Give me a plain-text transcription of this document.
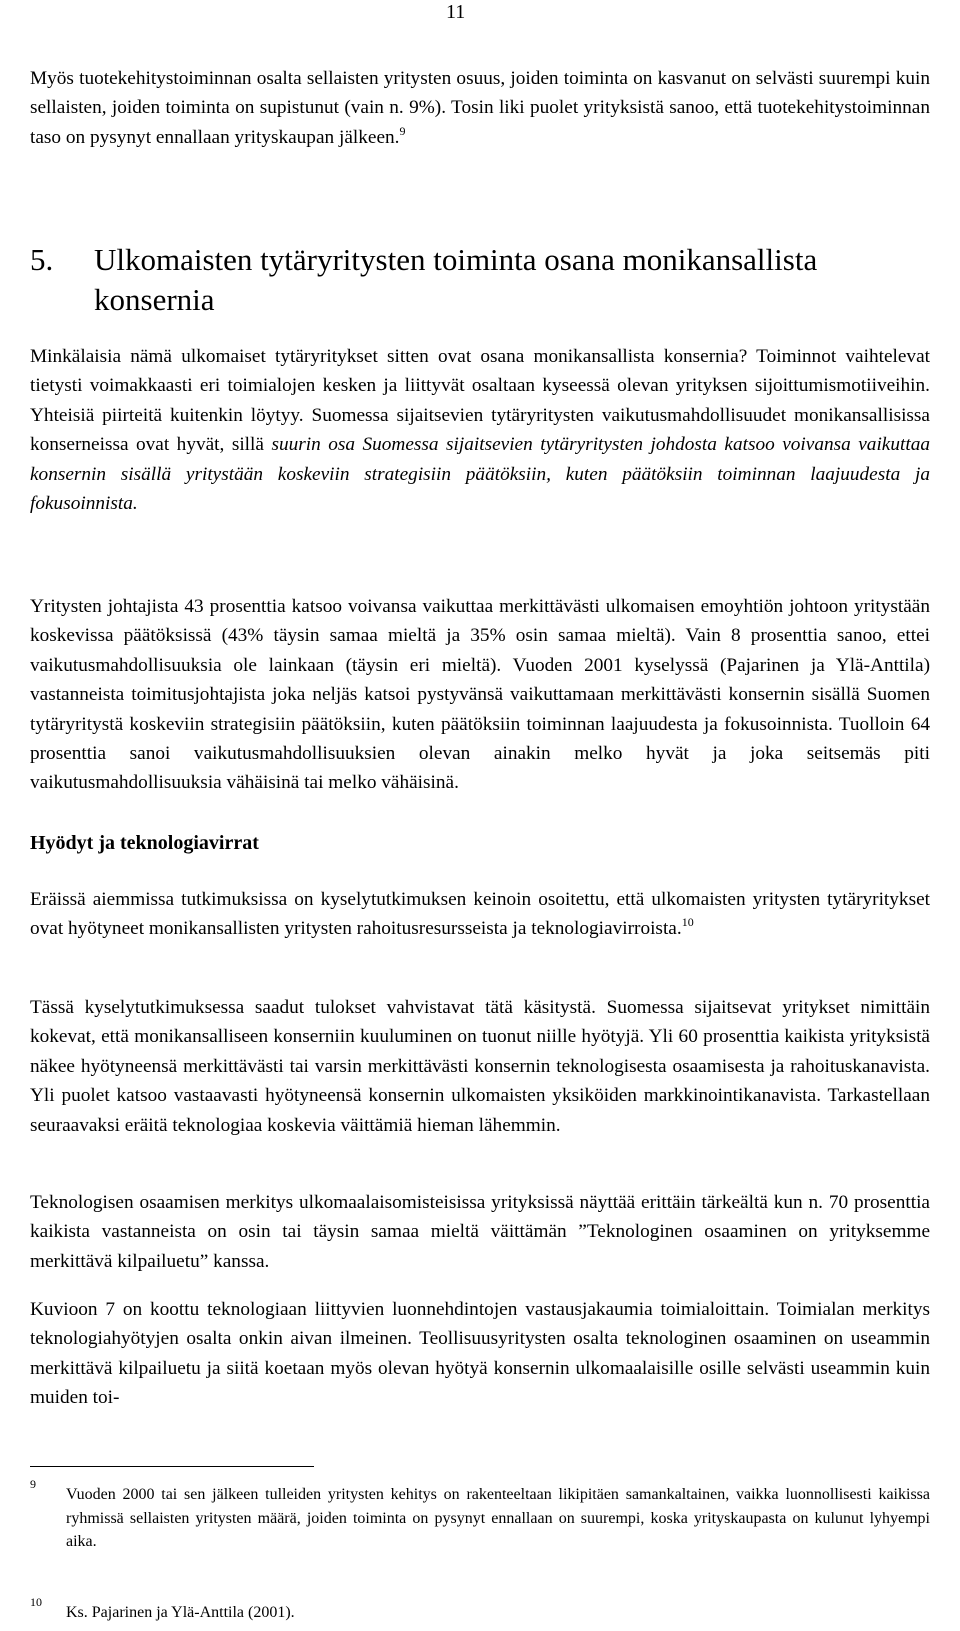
11

Myös tuotekehitystoiminnan osalta sellaisten yritysten osuus, joiden toiminta on kasvanut on selvästi suurempi kuin sellaisten, joiden toiminta on supistunut (vain n. 9%). Tosin liki puolet yrityksistä sanoo, että tuotekehitystoiminnan taso on pysynyt ennallaan yrityskaupan jälkeen.$^9$

5. Ulkomaisten tytäryritysten toiminta osana monikansallista
konsernia

Minkälaisia nämä ulkomaiset tytäryritykset sitten ovat osana monikansallista konsernia? Toiminnot vaihtelevat tietysti voimakkaasti eri toimialojen kesken ja liittyvät osaltaan kyseessä olevan yrityksen sijoittumismotiiveihin. Yhteisiä piirteitä kuitenkin löytyy. Suomessa sijaitsevien tytäryritysten vaikutusmahdollisuudet monikansallisissa konserneissa ovat hyvät, sillä suurin osa Suomessa sijaitsevien tytäryritysten johdosta katsoo voivansa vaikuttaa konsernin sisällä yritystään koskeviin strategisiin päätöksiin, kuten päätöksiin toiminnan laajuudesta ja fokusoinnista.

Yritysten johtajista 43 prosenttia katsoo voivansa vaikuttaa merkittävästi ulkomaisen emoyhtiön johtoon yritystään koskevissa päätöksissä (43% täysin samaa mieltä ja 35% osin samaa mieltä). Vain 8 prosenttia sanoo, ettei vaikutusmahdollisuuksia ole lainkaan (täysin eri mieltä). Vuoden 2001 kyselyssä (Pajarinen ja Ylä-Anttila) vastanneista toimitusjohtajista joka neljäs katsoi pystyvänsä vaikuttamaan merkittävästi konsernin sisällä Suomen tytäryritystä koskeviin strategisiin päätöksiin, kuten päätöksiin toiminnan laajuudesta ja fokusoinnista. Tuolloin 64 prosenttia sanoi vaikutusmahdollisuuksien olevan ainakin melko hyvät ja joka seitsemäs piti vaikutusmahdollisuuksia vähäisinä tai melko vähäisinä.

Hyödyt ja teknologiavirrat

Eräissä aiemmissa tutkimuksissa on kyselytutkimuksen keinoin osoitettu, että ulkomaisten yritysten tytäryritykset ovat hyötyneet monikansallisten yritysten rahoitusresursseista ja teknologiavirroista.$^{10}$

Tässä kyselytutkimuksessa saadut tulokset vahvistavat tätä käsitystä. Suomessa sijaitsevat yritykset nimittäin kokevat, että monikansalliseen konserniin kuuluminen on tuonut niille hyötyjä. Yli 60 prosenttia kaikista yrityksistä näkee hyötyneensä merkittävästi tai varsin merkittävästi konsernin teknologisesta osaamisesta ja rahoituskanavista. Yli puolet katsoo vastaavasti hyötyneensä konsernin ulkomaisten yksiköiden markkinointikanavista. Tarkastellaan seuraavaksi eräitä teknologiaa koskevia väittämiä hieman lähemmin.

Teknologisen osaamisen merkitys ulkomaalaisomisteisissa yrityksissä näyttää erittäin tärkeältä kun n. 70 prosenttia kaikista vastanneista on osin tai täysin samaa mieltä väittämän ”Teknologinen osaaminen on yrityksemme merkittävä kilpailuetu” kanssa.

Kuvioon 7 on koottu teknologiaan liittyvien luonnehdintojen vastausjakaumia toimialoittain. Toimialan merkitys teknologiahyötyjen osalta onkin aivan ilmeinen. Teollisuusyritysten osalta teknologinen osaaminen on useammin merkittävä kilpailuetu ja siitä koetaan myös olevan hyötyä konsernin ulkomaalaisille osille selvästi useammin kuin muiden toi-

9
Vuoden 2000 tai sen jälkeen tulleiden yritysten kehitys on rakenteeltaan likipitäen samankaltainen, vaikka luonnollisesti kaikissa ryhmissä sellaisten yritysten määrä, joiden toiminta on pysynyt ennallaan on suurempi, koska yrityskaupasta on kulunut lyhyempi aika.
10
Ks. Pajarinen ja Ylä-Anttila (2001).
